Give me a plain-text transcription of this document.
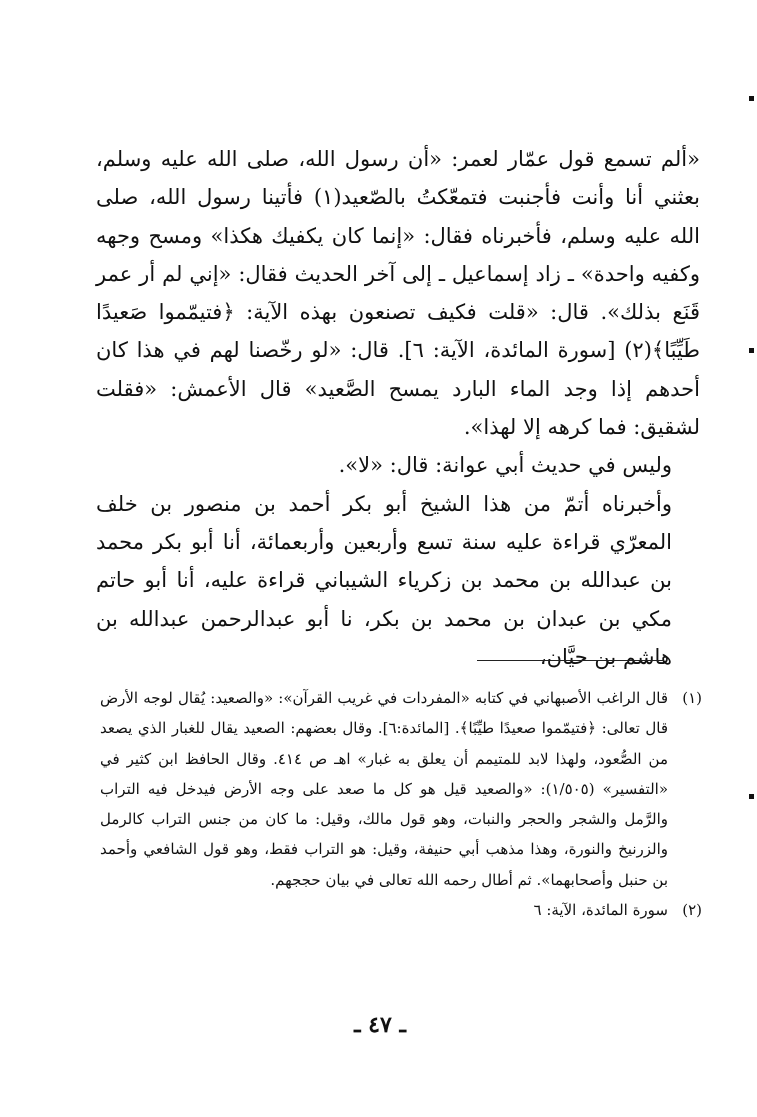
«ألم تسمع قول عمّار لعمر: «أن رسول الله، صلى الله عليه وسلم، بعثني أنا وأنت فأجنبت فتمعّكتُ بالصّعيد(١) فأتينا رسول الله، صلى الله عليه وسلم، فأخبرناه فقال: «إنما كان يكفيك هكذا» ومسح وجهه وكفيه واحدة» ـ زاد إسماعيل ـ إلى آخر الحديث فقال: «إني لم أر عمر قَنَع بذلك». قال: «قلت فكيف تصنعون بهذه الآية: ﴿فتيمّموا صَعيدًا طَيِّبًا﴾(٢) [سورة المائدة، الآية: ٦]. قال: «لو رخّصنا لهم في هذا كان أحدهم إذا وجد الماء البارد يمسح الصَّعيد» قال الأعمش: «فقلت لشقيق: فما كرهه إلا لهذا».

وليس في حديث أبي عوانة: قال: «لا».

وأخبرناه أتمّ من هذا الشيخ أبو بكر أحمد بن منصور بن خلف المعرّي قراءة عليه سنة تسع وأربعين وأربعمائة، أنا أبو بكر محمد بن عبدالله بن محمد بن زكرياء الشيباني قراءة عليه، أنا أبو حاتم مكي بن عبدان بن محمد بن بكر، نا أبو عبدالرحمن عبدالله بن هاشم بن حيَّان،

(١)
قال الراغب الأصبهاني في كتابه «المفردات في غريب القرآن»: «والصعيد: يُقال لوجه الأرض قال تعالى: ﴿فتيمّموا صعيدًا طيِّبًا﴾. [المائدة:٦]. وقال بعضهم: الصعيد يقال للغبار الذي يصعد من الصُّعود، ولهذا لابد للمتيمم أن يعلق به غبار» اهـ ص ٤١٤. وقال الحافظ ابن كثير في «التفسير» (١/٥٠٥): «والصعيد قيل هو كل ما صعد على وجه الأرض فيدخل فيه التراب والرَّمل والشجر والحجر والنبات، وهو قول مالك، وقيل: ما كان من جنس التراب كالرمل والزرنيخ والنورة، وهذا مذهب أبي حنيفة، وقيل: هو التراب فقط، وهو قول الشافعي وأحمد بن حنبل وأصحابهما». ثم أطال رحمه الله تعالى في بيان حججهم.
(٢)
سورة المائدة، الآية: ٦
ـ ٤٧ ـ
